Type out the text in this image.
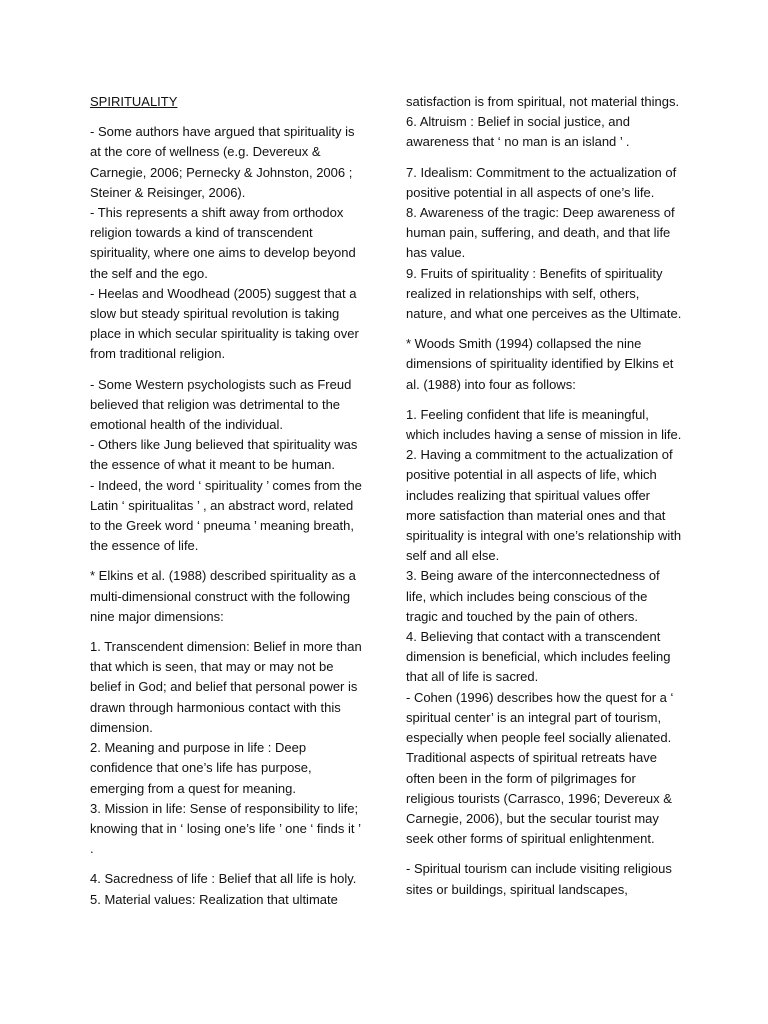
SPIRITUALITY
- Some authors have argued that spirituality is at the core of wellness (e.g. Devereux & Carnegie, 2006; Pernecky & Johnston, 2006 ; Steiner & Reisinger, 2006).
- This represents a shift away from orthodox religion towards a kind of transcendent spirituality, where one aims to develop beyond the self and the ego.
- Heelas and Woodhead (2005) suggest that a slow but steady spiritual revolution is taking place in which secular spirituality is taking over from traditional religion.
- Some Western psychologists such as Freud believed that religion was detrimental to the emotional health of the individual.
- Others like Jung believed that spirituality was the essence of what it meant to be human.
- Indeed, the word ‘ spirituality ’ comes from the Latin ‘ spiritualitas ’ , an abstract word, related to the Greek word ‘ pneuma ’ meaning breath, the essence of life.
* Elkins et al. (1988) described spirituality as a multi-dimensional construct with the following nine major dimensions:
1. Transcendent dimension: Belief in more than that which is seen, that may or may not be belief in God; and belief that personal power is drawn through harmonious contact with this dimension.
2. Meaning and purpose in life : Deep confidence that one’s life has purpose, emerging from a quest for meaning.
3. Mission in life: Sense of responsibility to life; knowing that in ‘ losing one’s life ’ one ‘ finds it ’ .
4. Sacredness of life : Belief that all life is holy.
5. Material values: Realization that ultimate
satisfaction is from spiritual, not material things.
6. Altruism : Belief in social justice, and awareness that ‘ no man is an island ’ .
7. Idealism: Commitment to the actualization of positive potential in all aspects of one’s life.
8. Awareness of the tragic: Deep awareness of human pain, suffering, and death, and that life has value.
9. Fruits of spirituality : Benefits of spirituality realized in relationships with self, others, nature, and what one perceives as the Ultimate.
* Woods Smith (1994) collapsed the nine dimensions of spirituality identified by Elkins et al. (1988) into four as follows:
1. Feeling confident that life is meaningful, which includes having a sense of mission in life.
2. Having a commitment to the actualization of positive potential in all aspects of life, which includes realizing that spiritual values offer more satisfaction than material ones and that spirituality is integral with one’s relationship with self and all else.
3. Being aware of the interconnectedness of life, which includes being conscious of the tragic and touched by the pain of others.
4. Believing that contact with a transcendent dimension is beneficial, which includes feeling that all of life is sacred.
- Cohen (1996) describes how the quest for a ‘ spiritual center’ is an integral part of tourism, especially when people feel socially alienated. Traditional aspects of spiritual retreats have often been in the form of pilgrimages for religious tourists (Carrasco, 1996; Devereux & Carnegie, 2006), but the secular tourist may seek other forms of spiritual enlightenment.
- Spiritual tourism can include visiting religious sites or buildings, spiritual landscapes,
